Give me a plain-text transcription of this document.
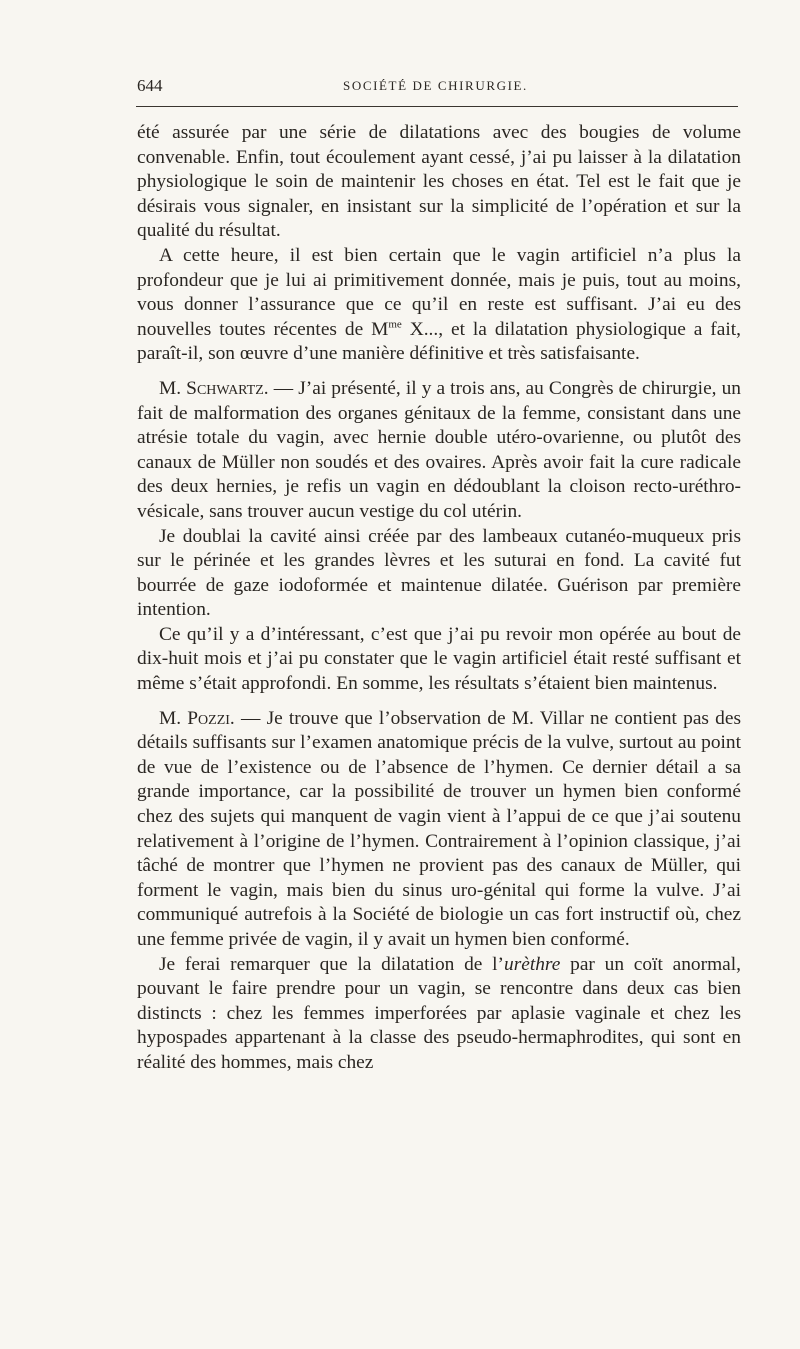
644	SOCIÉTÉ DE CHIRURGIE.

été assurée par une série de dilatations avec des bougies de volume convenable. Enfin, tout écoulement ayant cessé, j’ai pu laisser à la dilatation physiologique le soin de maintenir les choses en état. Tel est le fait que je désirais vous signaler, en insistant sur la simplicité de l’opération et sur la qualité du résultat.

A cette heure, il est bien certain que le vagin artificiel n’a plus la profondeur que je lui ai primitivement donnée, mais je puis, tout au moins, vous donner l’assurance que ce qu’il en reste est suffisant. J’ai eu des nouvelles toutes récentes de $M^{me}$ X..., et la dilatation physiologique a fait, paraît-il, son œuvre d’une manière définitive et très satisfaisante.

M. Schwartz. — J’ai présenté, il y a trois ans, au Congrès de chirurgie, un fait de malformation des organes génitaux de la femme, consistant dans une atrésie totale du vagin, avec hernie double utéro-ovarienne, ou plutôt des canaux de Müller non soudés et des ovaires. Après avoir fait la cure radicale des deux hernies, je refis un vagin en dédoublant la cloison recto-uréthro-vésicale, sans trouver aucun vestige du col utérin.

Je doublai la cavité ainsi créée par des lambeaux cutanéo-muqueux pris sur le périnée et les grandes lèvres et les suturai en fond. La cavité fut bourrée de gaze iodoformée et maintenue dilatée. Guérison par première intention.

Ce qu’il y a d’intéressant, c’est que j’ai pu revoir mon opérée au bout de dix-huit mois et j’ai pu constater que le vagin artificiel était resté suffisant et même s’était approfondi. En somme, les résultats s’étaient bien maintenus.

M. Pozzi. — Je trouve que l’observation de M. Villar ne contient pas des détails suffisants sur l’examen anatomique précis de la vulve, surtout au point de vue de l’existence ou de l’absence de l’hymen. Ce dernier détail a sa grande importance, car la possibilité de trouver un hymen bien conformé chez des sujets qui manquent de vagin vient à l’appui de ce que j’ai soutenu relativement à l’origine de l’hymen. Contrairement à l’opinion classique, j’ai tâché de montrer que l’hymen ne provient pas des canaux de Müller, qui forment le vagin, mais bien du sinus uro-génital qui forme la vulve. J’ai communiqué autrefois à la Société de biologie un cas fort instructif où, chez une femme privée de vagin, il y avait un hymen bien conformé.

Je ferai remarquer que la dilatation de l’urèthre par un coït anormal, pouvant le faire prendre pour un vagin, se rencontre dans deux cas bien distincts : chez les femmes imperforées par aplasie vaginale et chez les hypospades appartenant à la classe des pseudo-hermaphrodites, qui sont en réalité des hommes, mais chez
